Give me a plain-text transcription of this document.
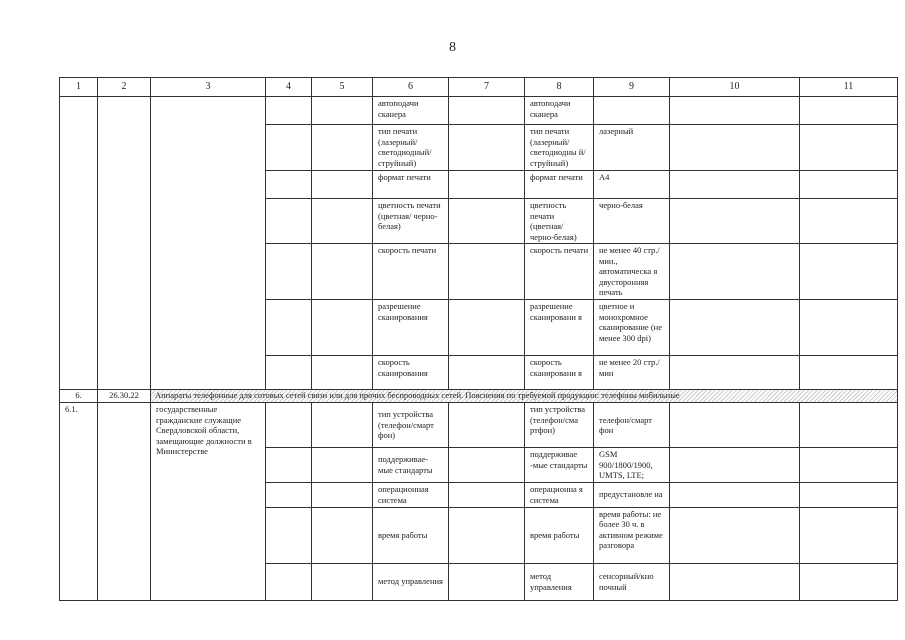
8
1	2	3	4	5	6	7	8	9	10	11
					автоподачи сканера		автоподачи сканера			
					тип печати (лазерный/ светодиодный/ струйный)		тип печати (лазерный/ светодиодны й/ струйный)	лазерный		
					формат печати		формат печати	А4		
					цветность печати (цветная/ черно-белая)		цветность печати (цветная/ черно-белая)	черно-белая		
					скорость печати		скорость печати	не менее 40 стр./мин., автоматическа я двусторонняя печать		
					разрешение сканирования		разрешение сканировани я	цветное и монохромное сканирование (не менее 300 dpi)		
					скорость сканирования		скорость сканировани я	не менее 20 стр./мин		
6.	26.30.22	Аппараты телефонные для сотовых сетей связи или для прочих беспроводных сетей. Пояснения по требуемой продукции: телефоны мобильные								
6.1.		государственные гражданские служащие Свердловской области, замещающие должности в Министерстве			тип устройства (телефон/смарт фон)		тип устройства (телефон/сма ртфон)	телефон/смарт фон		
					поддерживае- мые стандарты		поддерживае -мые стандарты	GSM 900/1800/1900, UMTS, LTE;		
					операционная система		операционна я система	предустановле на		
					время работы		время работы	время работы: не более 30 ч. в активном режиме разговора		
					метод управления		метод управления	сенсорный/кно почный		
